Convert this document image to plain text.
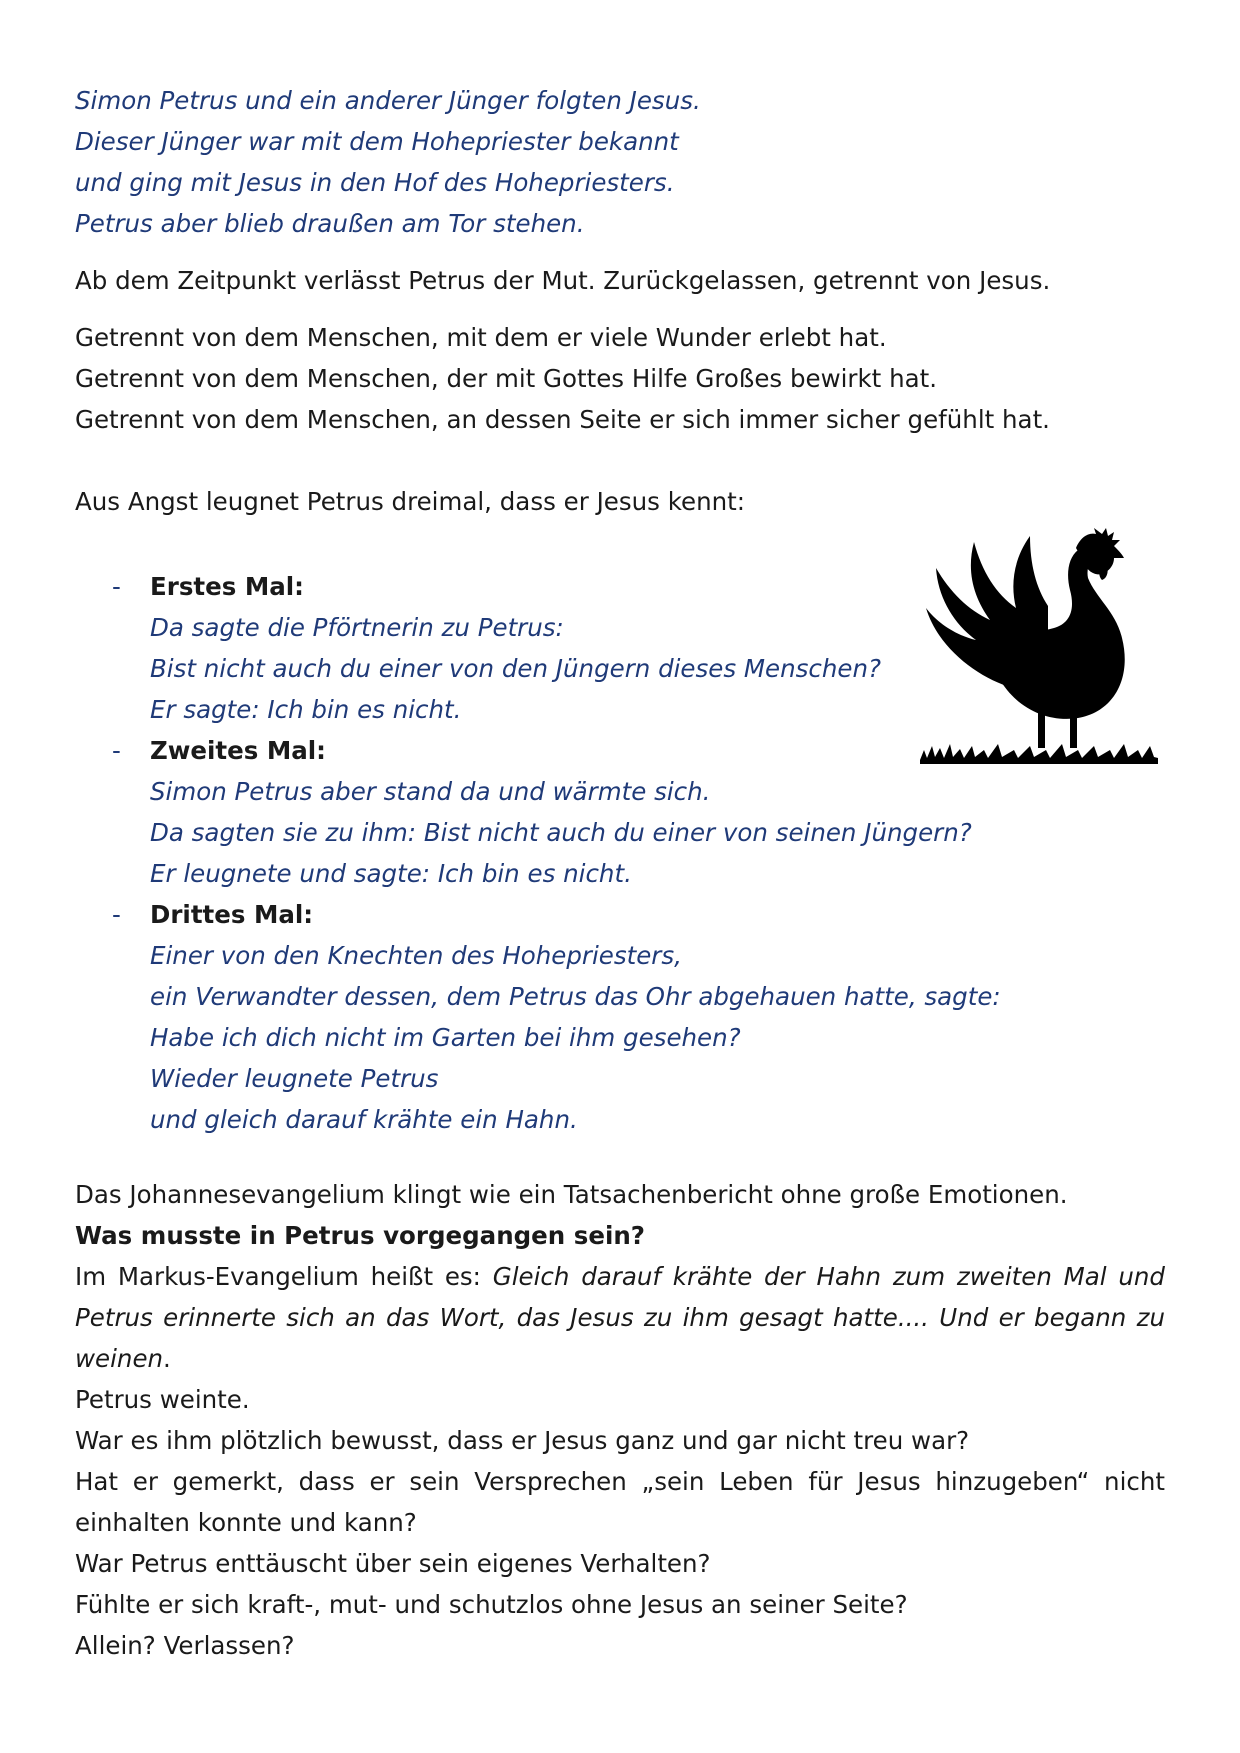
Simon Petrus und ein anderer Jünger folgten Jesus.
Dieser Jünger war mit dem Hohepriester bekannt
und ging mit Jesus in den Hof des Hohepriesters.
Petrus aber blieb draußen am Tor stehen.
Ab dem Zeitpunkt verlässt Petrus der Mut. Zurückgelassen, getrennt von Jesus.
Getrennt von dem Menschen, mit dem er viele Wunder erlebt hat.
Getrennt von dem Menschen, der mit Gottes Hilfe Großes bewirkt hat.
Getrennt von dem Menschen, an dessen Seite er sich immer sicher gefühlt hat.
Aus Angst leugnet Petrus dreimal, dass er Jesus kennt:
- Erstes Mal:
Da sagte die Pförtnerin zu Petrus:
Bist nicht auch du einer von den Jüngern dieses Menschen?
Er sagte: Ich bin es nicht.
- Zweites Mal:
Simon Petrus aber stand da und wärmte sich.
Da sagten sie zu ihm: Bist nicht auch du einer von seinen Jüngern?
Er leugnete und sagte: Ich bin es nicht.
- Drittes Mal:
Einer von den Knechten des Hohepriesters,
ein Verwandter dessen, dem Petrus das Ohr abgehauen hatte, sagte:
Habe ich dich nicht im Garten bei ihm gesehen?
Wieder leugnete Petrus
und gleich darauf krähte ein Hahn.
Das Johannesevangelium klingt wie ein Tatsachenbericht ohne große Emotionen.
Was musste in Petrus vorgegangen sein?
Im Markus-Evangelium heißt es: Gleich darauf krähte der Hahn zum zweiten Mal und
Petrus erinnerte sich an das Wort, das Jesus zu ihm gesagt hatte.... Und er begann zu
weinen.
Petrus weinte.
War es ihm plötzlich bewusst, dass er Jesus ganz und gar nicht treu war?
Hat er gemerkt, dass er sein Versprechen „sein Leben für Jesus hinzugeben“ nicht
einhalten konnte und kann?
War Petrus enttäuscht über sein eigenes Verhalten?
Fühlte er sich kraft-, mut- und schutzlos ohne Jesus an seiner Seite?
Allein? Verlassen?
